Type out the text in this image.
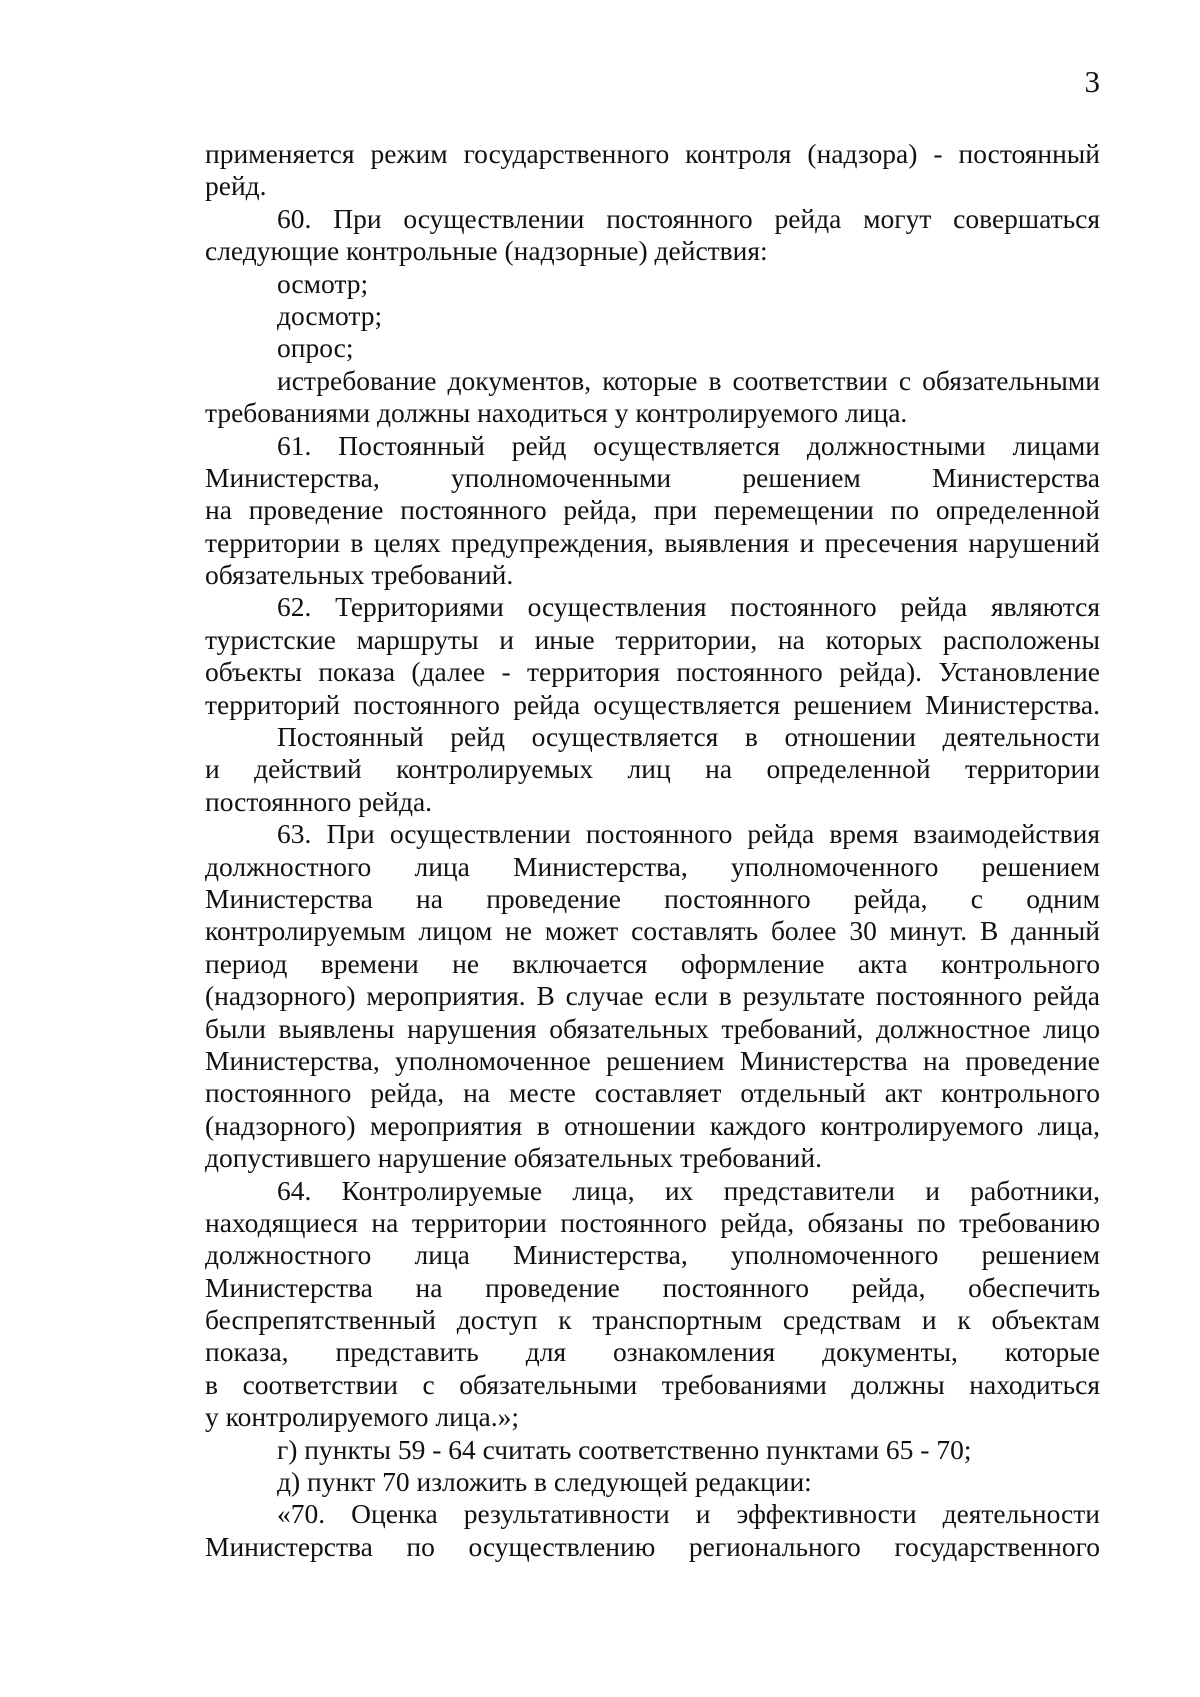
3
применяется режим государственного контроля (надзора) - постоянный
рейд.
60. При осуществлении постоянного рейда могут совершаться
следующие контрольные (надзорные) действия:
осмотр;
досмотр;
опрос;
истребование документов, которые в соответствии с обязательными
требованиями должны находиться у контролируемого лица.
61. Постоянный рейд осуществляется должностными лицами
Министерства, уполномоченными решением Министерства
на проведение постоянного рейда, при перемещении по определенной
территории в целях предупреждения, выявления и пресечения нарушений
обязательных требований.
62. Территориями осуществления постоянного рейда являются
туристские маршруты и иные территории, на которых расположены
объекты показа (далее - территория постоянного рейда). Установление
территорий постоянного рейда осуществляется решением Министерства.
Постоянный рейд осуществляется в отношении деятельности
и действий контролируемых лиц на определенной территории
постоянного рейда.
63. При осуществлении постоянного рейда время взаимодействия
должностного лица Министерства, уполномоченного решением
Министерства на проведение постоянного рейда, с одним
контролируемым лицом не может составлять более 30 минут. В данный
период времени не включается оформление акта контрольного
(надзорного) мероприятия. В случае если в результате постоянного рейда
были выявлены нарушения обязательных требований, должностное лицо
Министерства, уполномоченное решением Министерства на проведение
постоянного рейда, на месте составляет отдельный акт контрольного
(надзорного) мероприятия в отношении каждого контролируемого лица,
допустившего нарушение обязательных требований.
64. Контролируемые лица, их представители и работники,
находящиеся на территории постоянного рейда, обязаны по требованию
должностного лица Министерства, уполномоченного решением
Министерства на проведение постоянного рейда, обеспечить
беспрепятственный доступ к транспортным средствам и к объектам
показа, представить для ознакомления документы, которые
в соответствии с обязательными требованиями должны находиться
у контролируемого лица.»;
г) пункты 59 - 64 считать соответственно пунктами 65 - 70;
д) пункт 70 изложить в следующей редакции:
«70. Оценка результативности и эффективности деятельности
Министерства по осуществлению регионального государственного
